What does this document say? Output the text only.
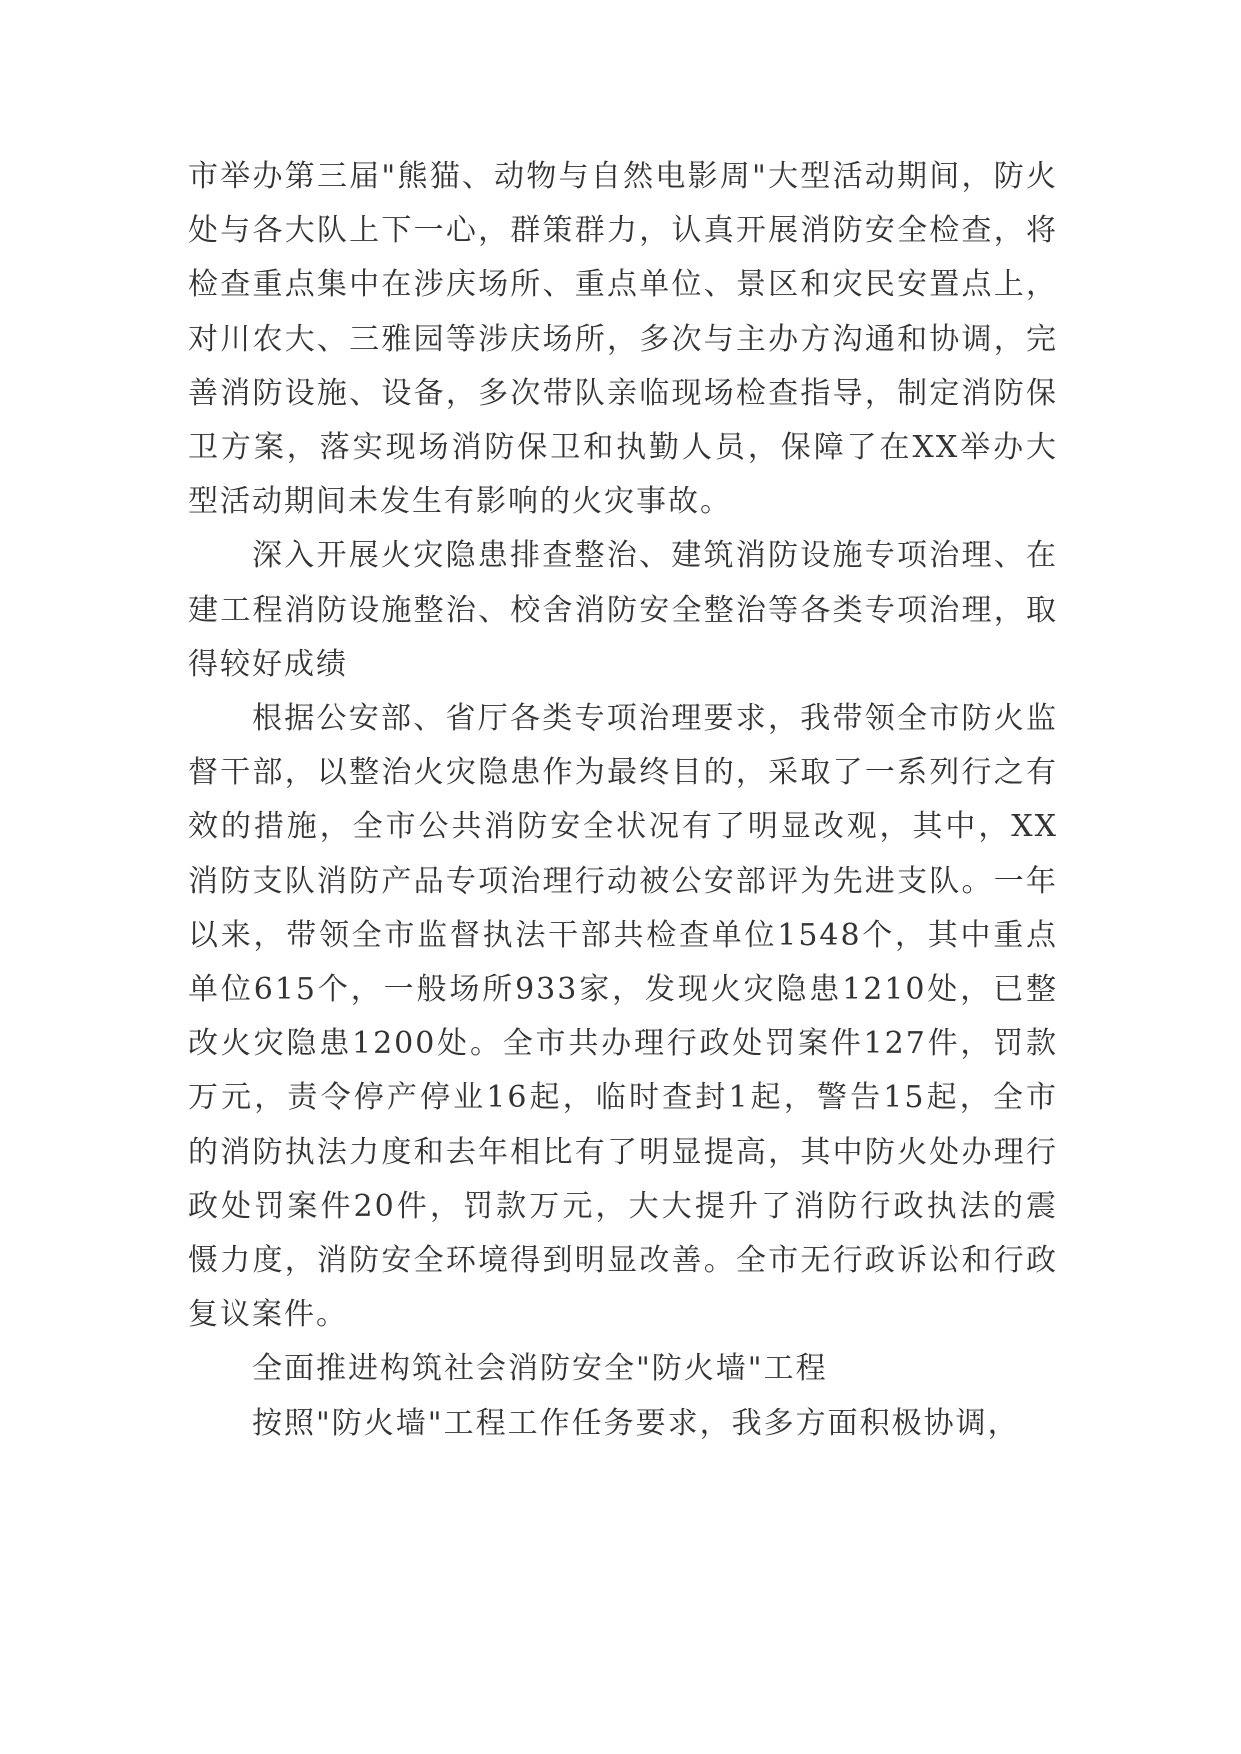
市举办第三届"熊猫、动物与自然电影周"大型活动期间，防火处与各大队上下一心，群策群力，认真开展消防安全检查，将检查重点集中在涉庆场所、重点单位、景区和灾民安置点上，对川农大、三雅园等涉庆场所，多次与主办方沟通和协调，完善消防设施、设备，多次带队亲临现场检查指导，制定消防保卫方案，落实现场消防保卫和执勤人员，保障了在XX举办大型活动期间未发生有影响的火灾事故。

深入开展火灾隐患排查整治、建筑消防设施专项治理、在建工程消防设施整治、校舍消防安全整治等各类专项治理，取得较好成绩

根据公安部、省厅各类专项治理要求，我带领全市防火监督干部，以整治火灾隐患作为最终目的，采取了一系列行之有效的措施，全市公共消防安全状况有了明显改观，其中，XX消防支队消防产品专项治理行动被公安部评为先进支队。一年以来，带领全市监督执法干部共检查单位1548个，其中重点单位615个，一般场所933家，发现火灾隐患1210处，已整改火灾隐患1200处。全市共办理行政处罚案件127件，罚款万元，责令停产停业16起，临时查封1起，警告15起，全市的消防执法力度和去年相比有了明显提高，其中防火处办理行政处罚案件20件，罚款万元，大大提升了消防行政执法的震慑力度，消防安全环境得到明显改善。全市无行政诉讼和行政复议案件。

全面推进构筑社会消防安全"防火墙"工程

按照"防火墙"工程工作任务要求，我多方面积极协调，
